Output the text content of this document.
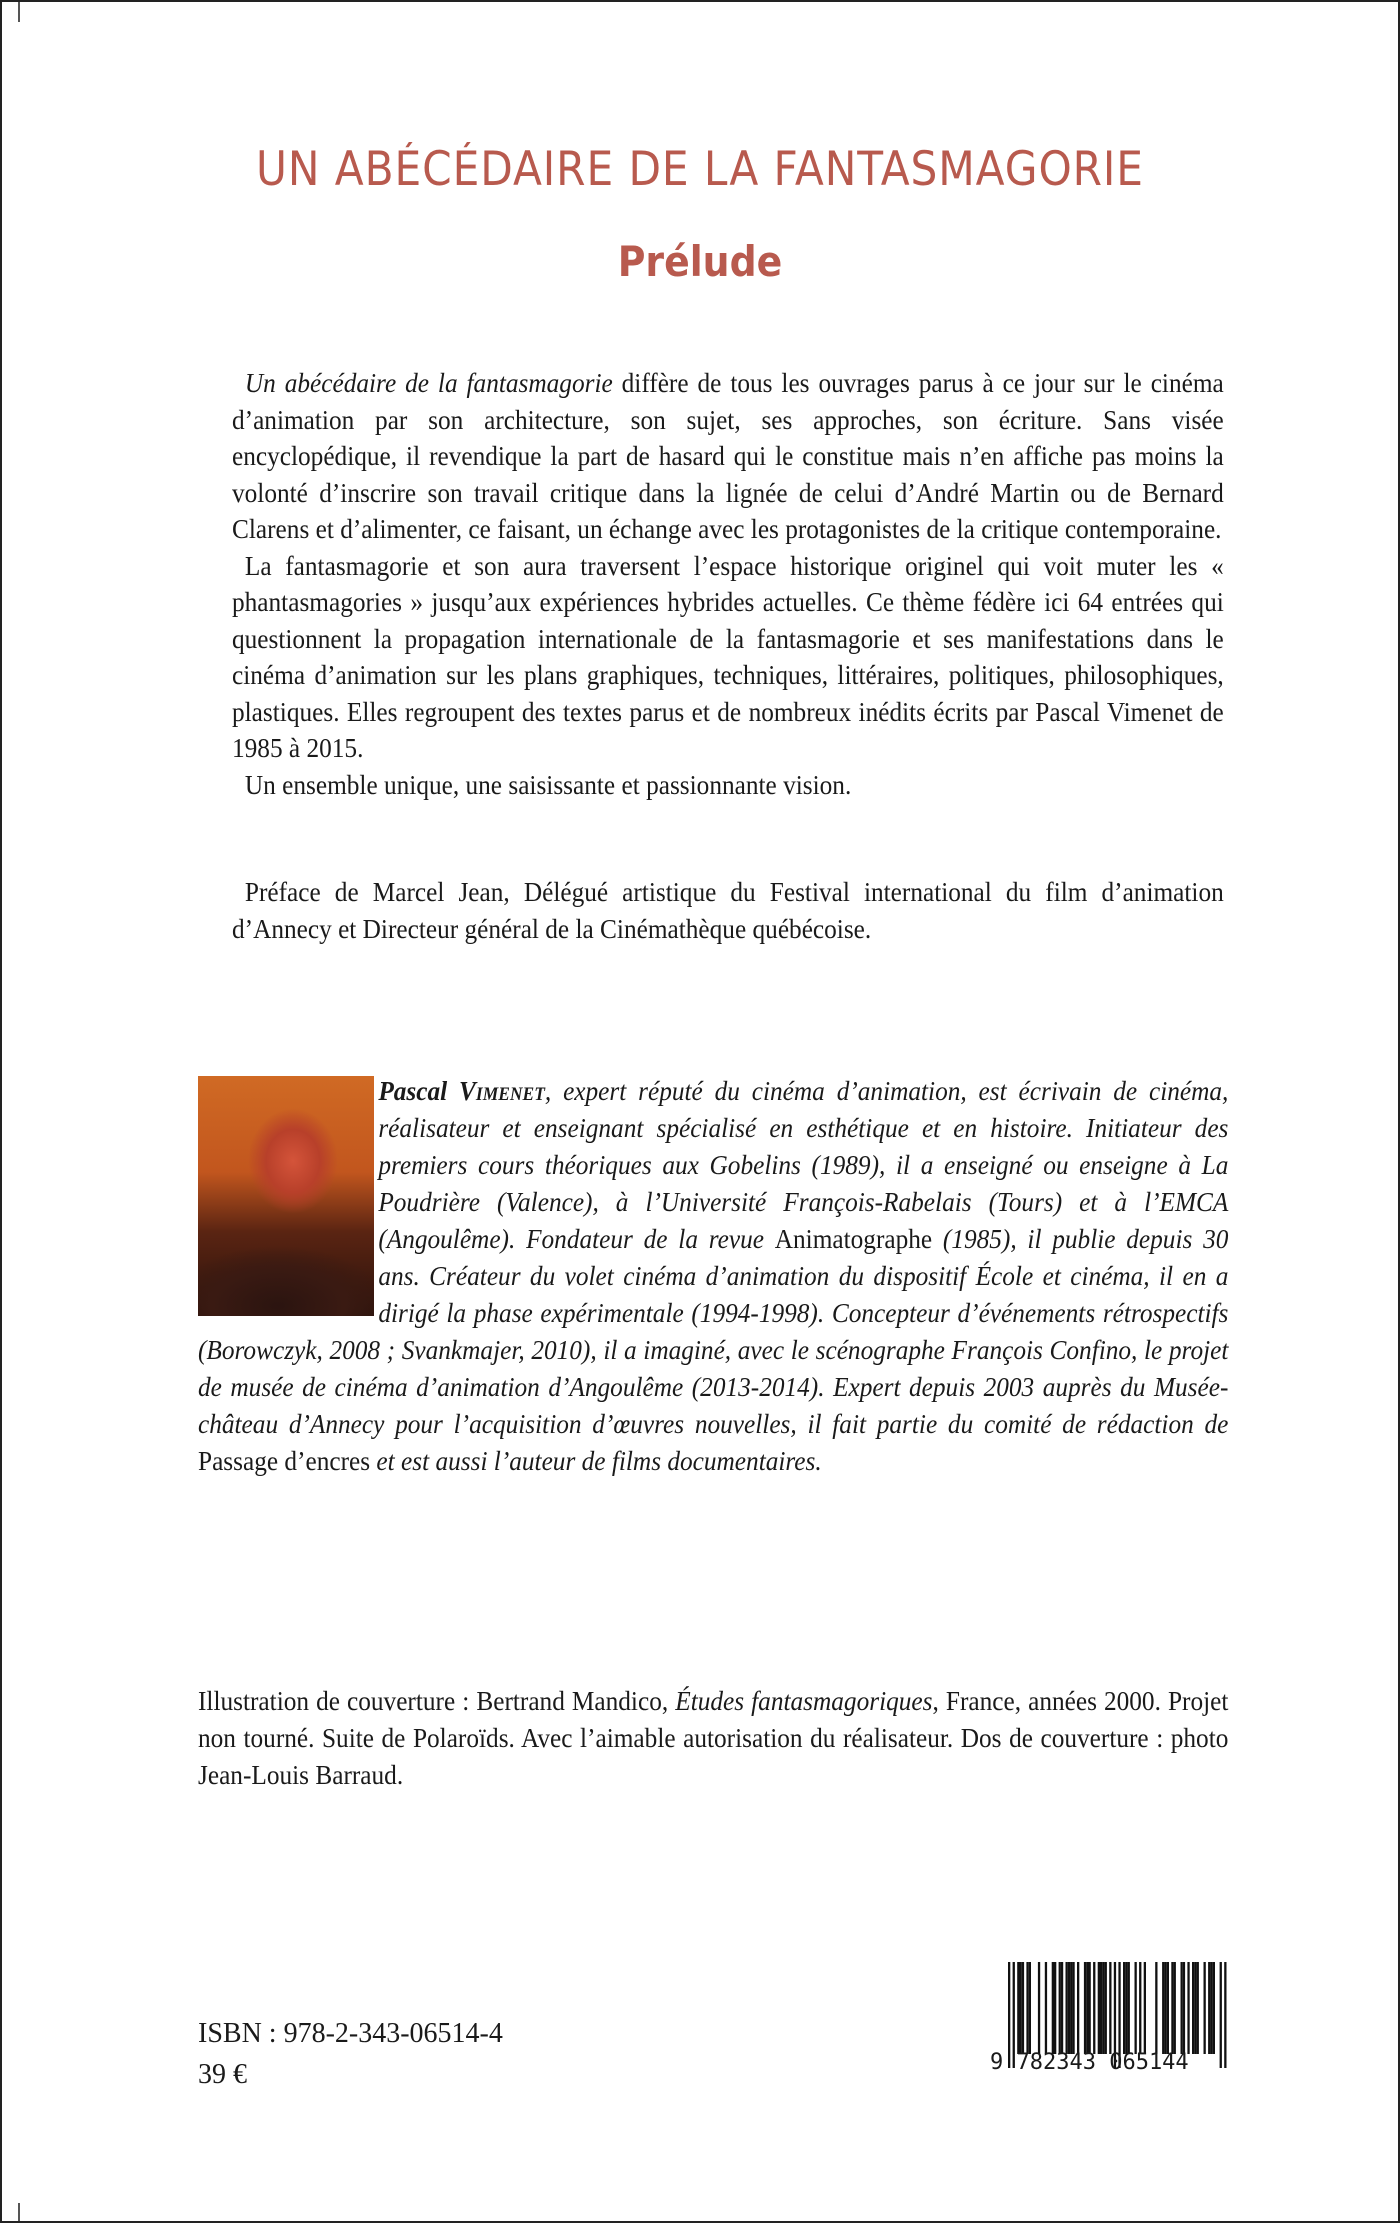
UN ABÉCÉDAIRE DE LA FANTASMAGORIE
Prélude

Un abécédaire de la fantasmagorie diffère de tous les ouvrages parus à ce jour sur le cinéma d’animation par son architecture, son sujet, ses approches, son écriture. Sans visée encyclopédique, il revendique la part de hasard qui le constitue mais n’en affiche pas moins la volonté d’inscrire son travail critique dans la lignée de celui d’André Martin ou de Bernard Clarens et d’alimenter, ce faisant, un échange avec les protagonistes de la critique contemporaine.

La fantasmagorie et son aura traversent l’espace historique originel qui voit muter les « phantasmagories » jusqu’aux expériences hybrides actuelles. Ce thème fédère ici 64 entrées qui questionnent la propagation internationale de la fantasmagorie et ses manifestations dans le cinéma d’animation sur les plans graphiques, techniques, littéraires, politiques, philosophiques, plastiques. Elles regroupent des textes parus et de nombreux inédits écrits par Pascal Vimenet de 1985 à 2015.

Un ensemble unique, une saisissante et passionnante vision.

Préface de Marcel Jean, Délégué artistique du Festival international du film d’animation d’Annecy et Directeur général de la Cinémathèque québécoise.

Pascal Vimenet, expert réputé du cinéma d’animation, est écrivain de cinéma, réalisateur et enseignant spécialisé en esthétique et en histoire. Initiateur des premiers cours théoriques aux Gobelins (1989), il a enseigné ou enseigne à La Poudrière (Valence), à l’Université François-Rabelais (Tours) et à l’EMCA (Angoulême). Fondateur de la revue Animatographe (1985), il publie depuis 30 ans. Créateur du volet cinéma d’animation du dispositif École et cinéma, il en a dirigé la phase expérimentale (1994-1998). Concepteur d’événements rétrospectifs (Borowczyk, 2008 ; Svankmajer, 2010), il a imaginé, avec le scénographe François Confino, le projet de musée de cinéma d’animation d’Angoulême (2013-2014). Expert depuis 2003 auprès du Musée-château d’Annecy pour l’acquisition d’œuvres nouvelles, il fait partie du comité de rédaction de Passage d’encres et est aussi l’auteur de films documentaires.

Illustration de couverture : Bertrand Mandico, Études fantasmagoriques, France, années 2000. Projet non tourné. Suite de Polaroïds. Avec l’aimable autorisation du réalisateur. Dos de couverture : photo Jean-Louis Barraud.

ISBN : 978-2-343-06514-4
39 €	9 782343 065144
